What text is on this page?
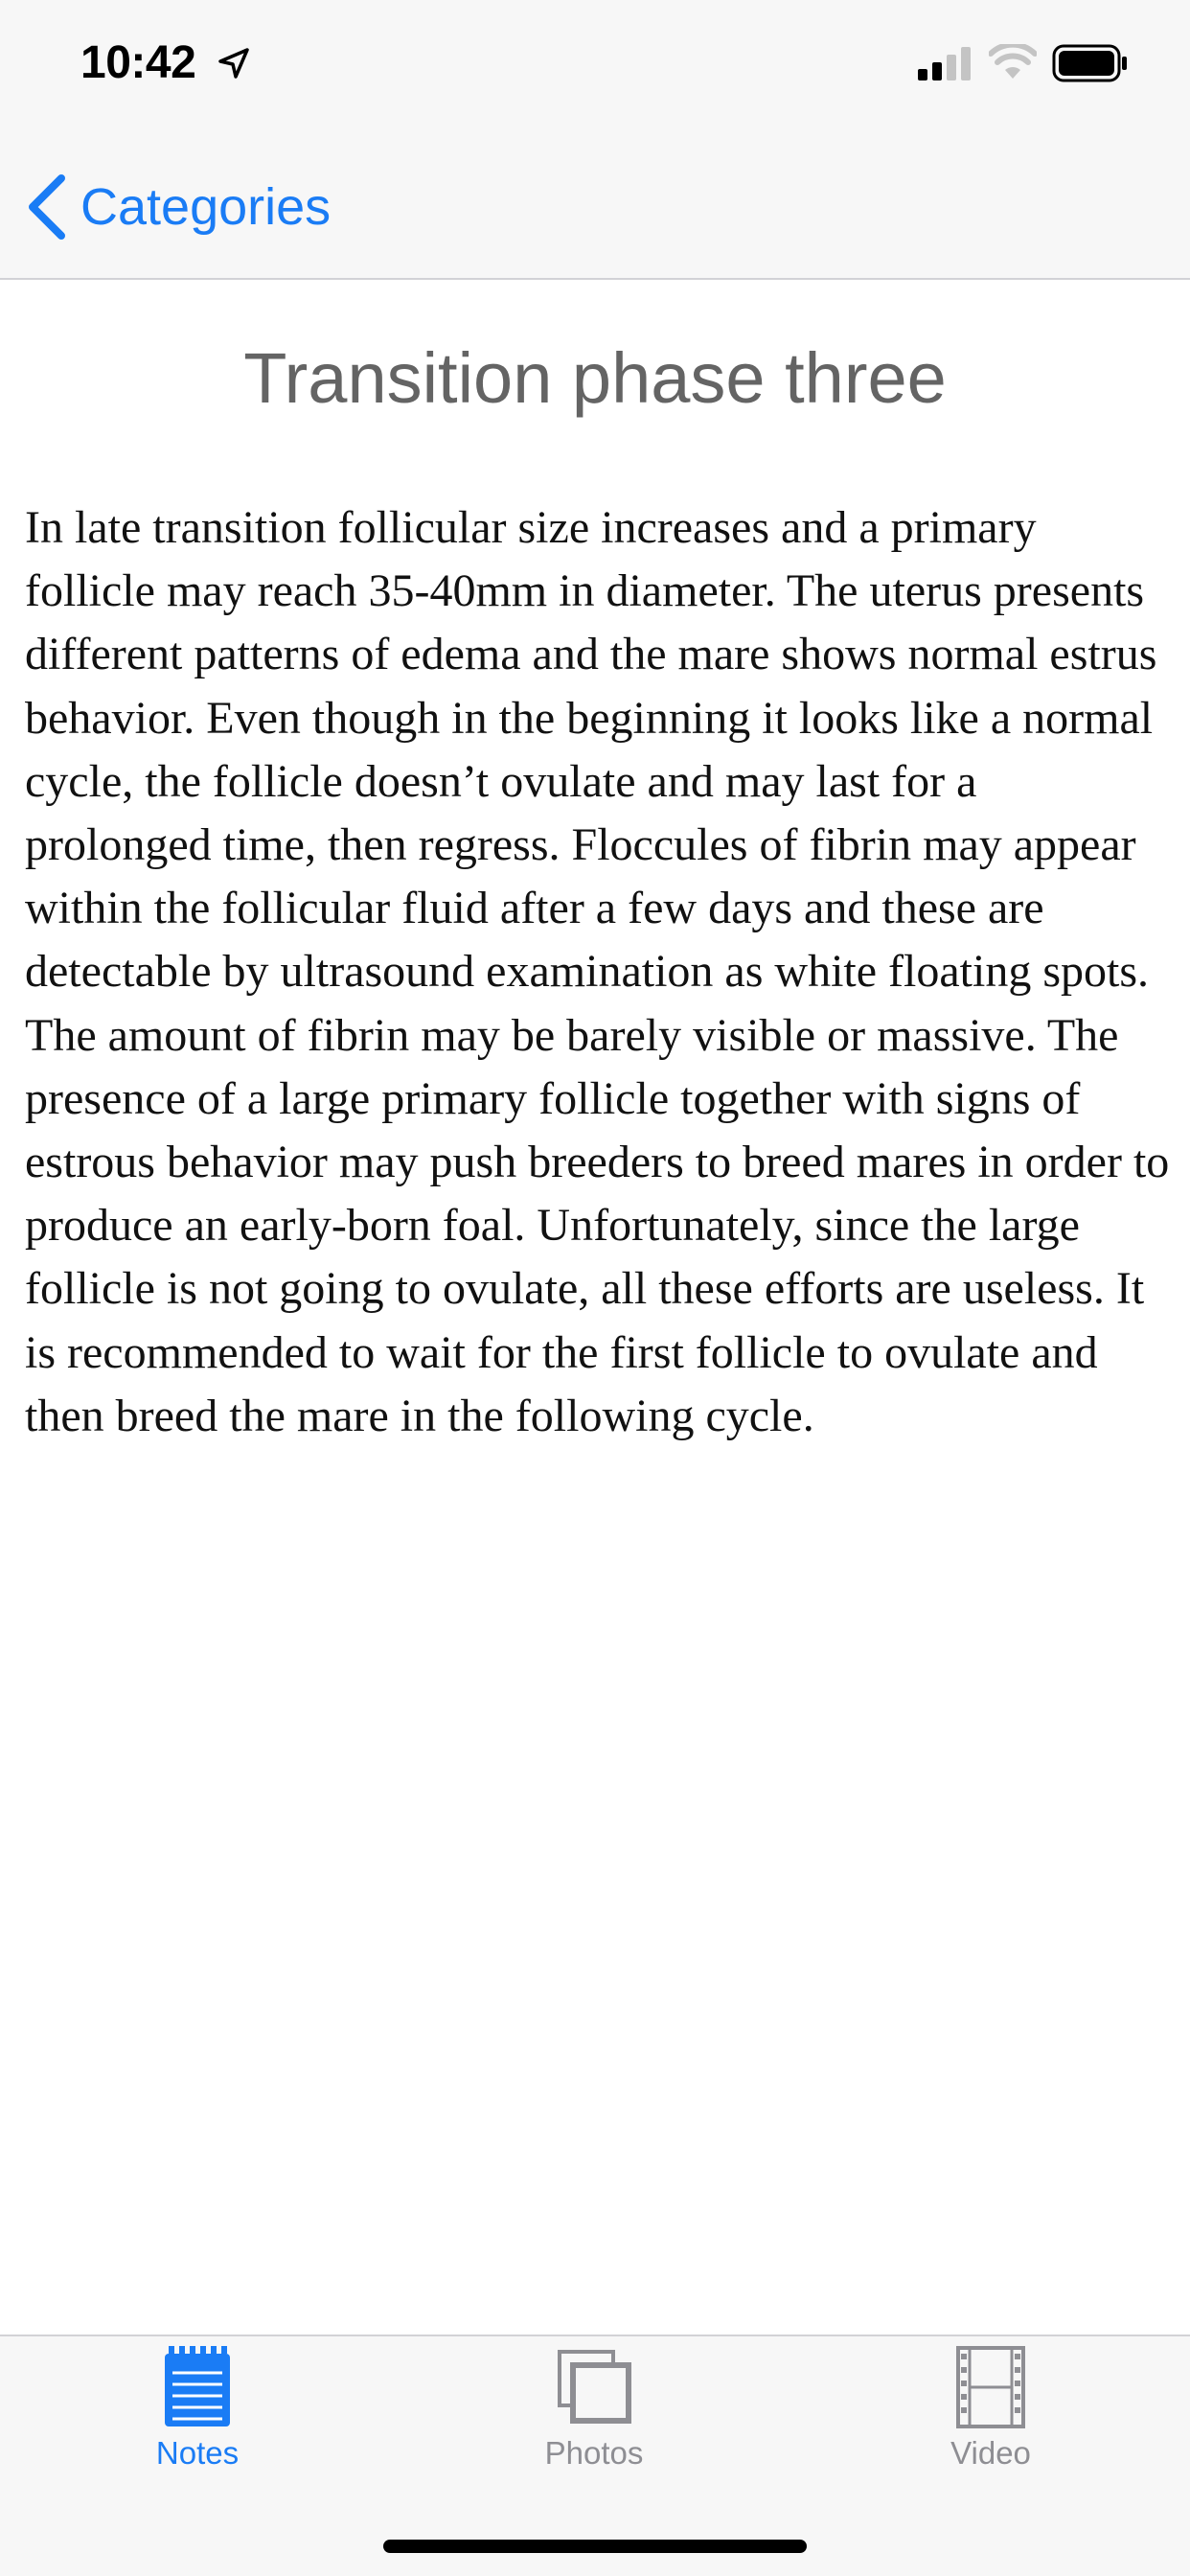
10:42
Categories
Transition phase three

In late transition follicular size increases and a primary follicle may reach 35-40mm in diameter. The uterus presents different patterns of edema and the mare shows normal estrus behavior. Even though in the beginning it looks like a normal cycle, the follicle doesn’t ovulate and may last for a prolonged time, then regress. Floccules of fibrin may appear within the follicular fluid after a few days and these are detectable by ultrasound examination as white floating spots. The amount of fibrin may be barely visible or massive. The presence of a large primary follicle together with signs of estrous behavior may push breeders to breed mares in order to produce an early-born foal. Unfortunately, since the large follicle is not going to ovulate, all these efforts are useless. It is recommended to wait for the first follicle to ovulate and then breed the mare in the following cycle.

Notes	Photos	Video
